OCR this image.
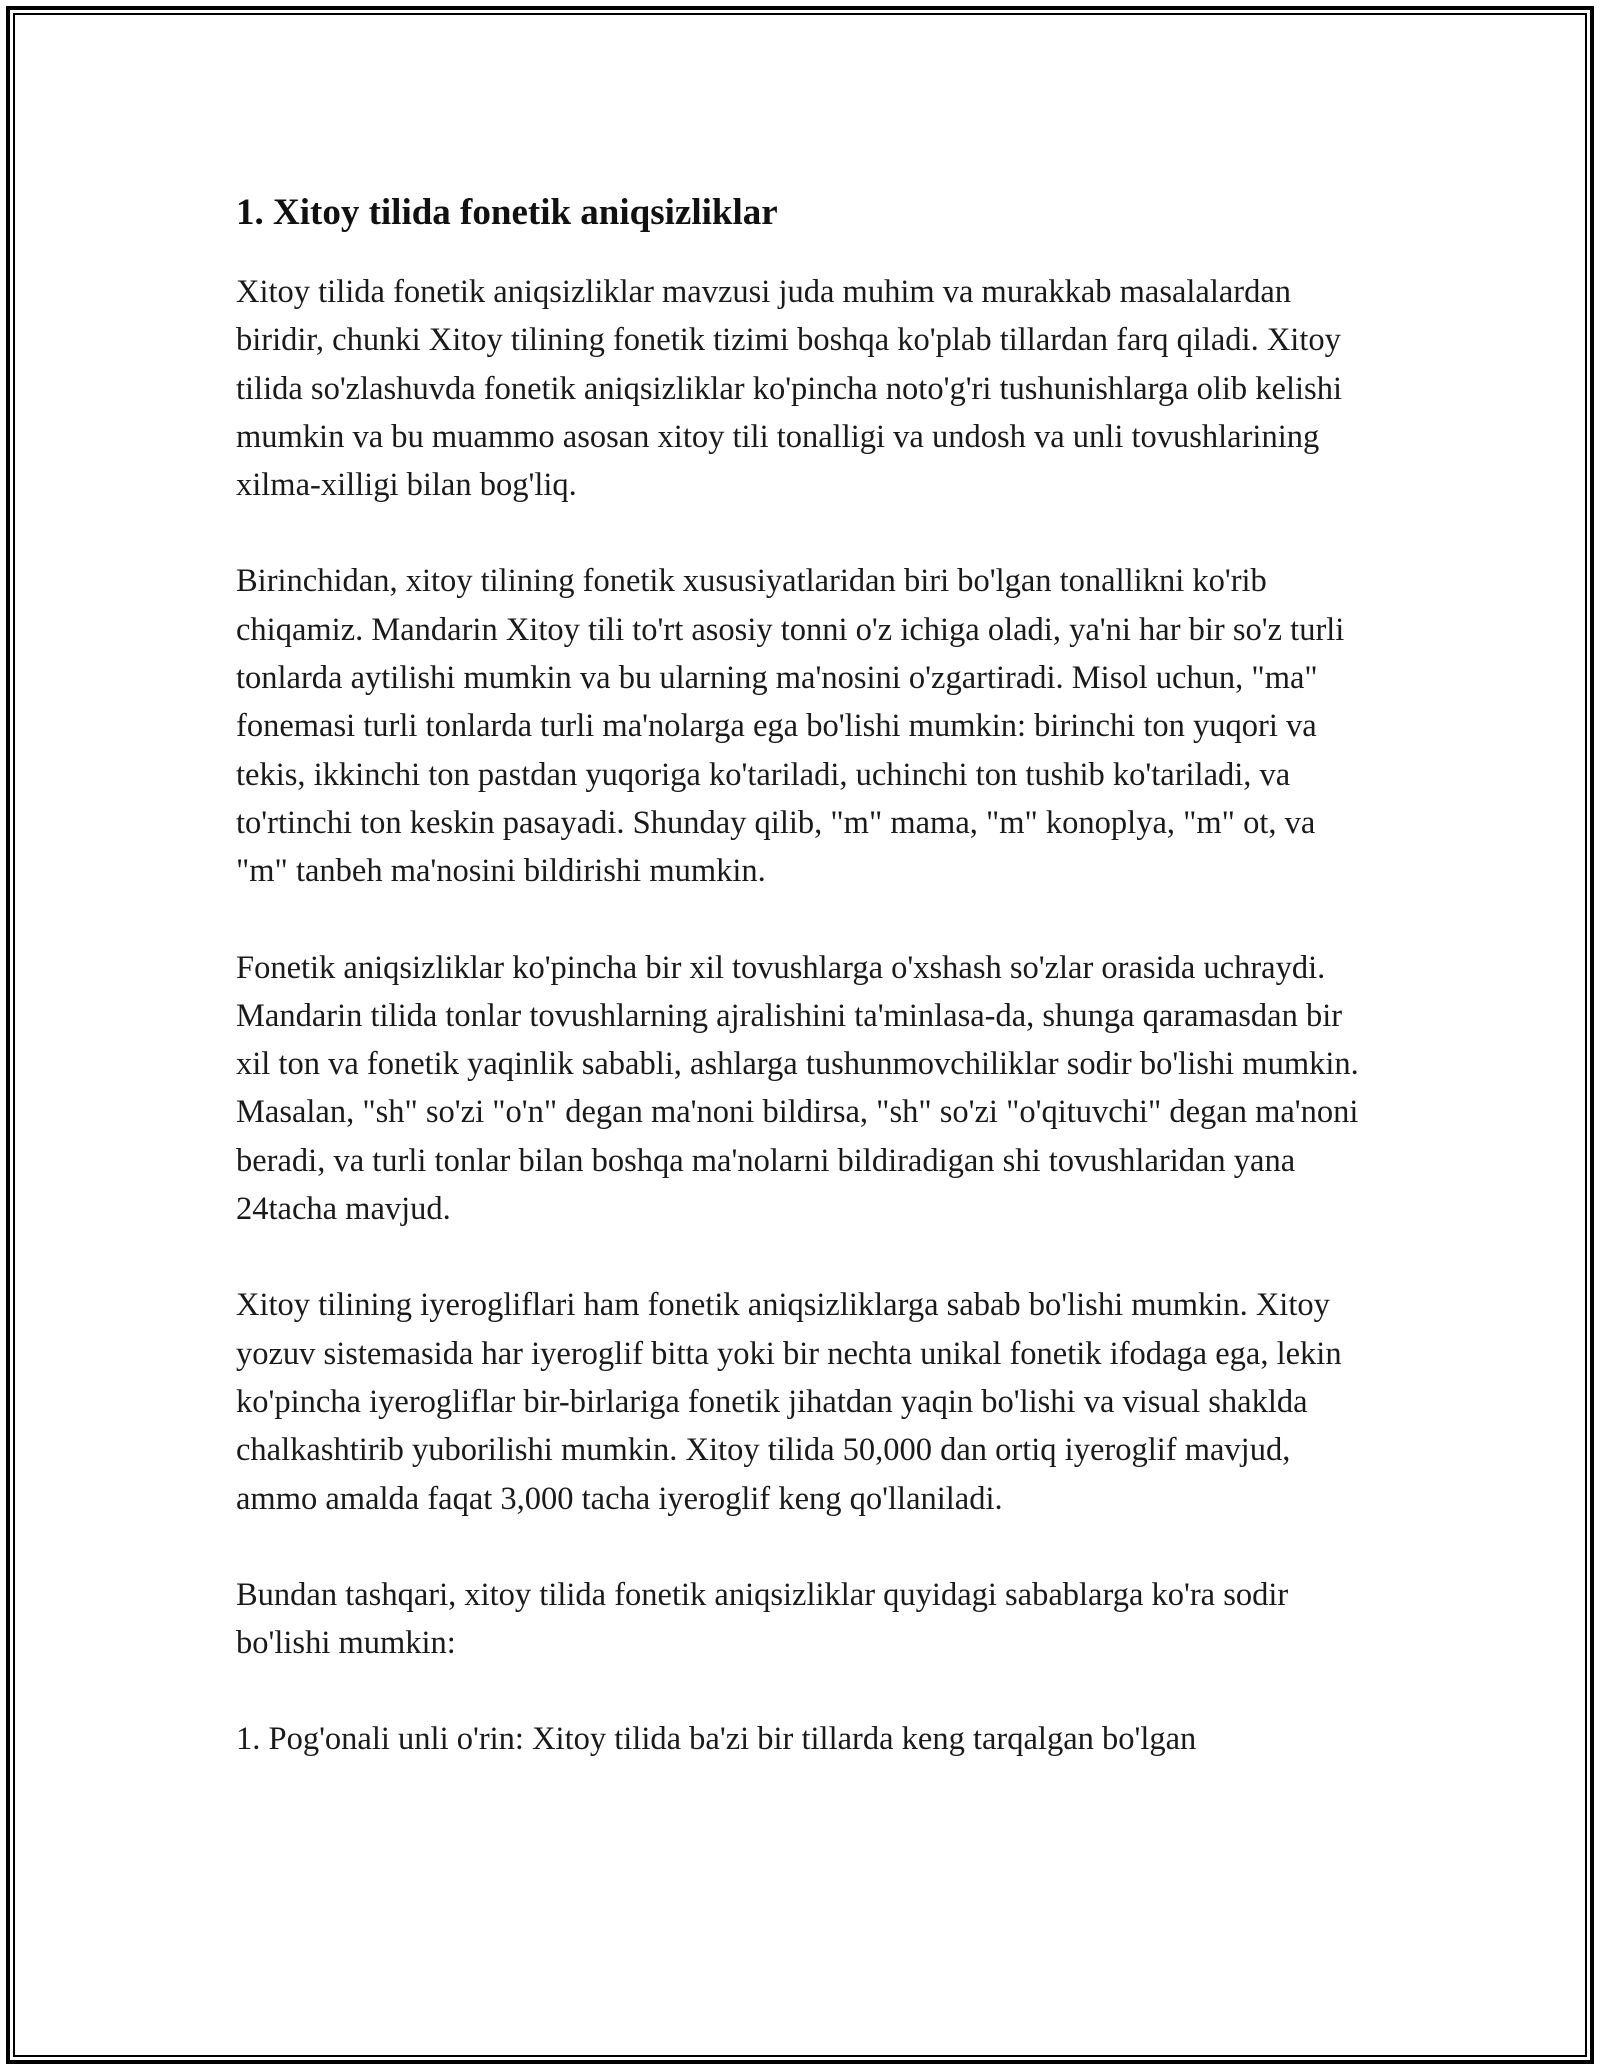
1. Xitoy tilida fonetik aniqsizliklar

Xitoy tilida fonetik aniqsizliklar mavzusi juda muhim va murakkab masalalardan biridir, chunki Xitoy tilining fonetik tizimi boshqa ko'plab tillardan farq qiladi. Xitoy tilida so'zlashuvda fonetik aniqsizliklar ko'pincha noto'g'ri tushunishlarga olib kelishi mumkin va bu muammo asosan xitoy tili tonalligi va undosh va unli tovushlarining xilma-xilligi bilan bog'liq.

Birinchidan, xitoy tilining fonetik xususiyatlaridan biri bo'lgan tonallikni ko'rib chiqamiz. Mandarin Xitoy tili to'rt asosiy tonni o'z ichiga oladi, ya'ni har bir so'z turli tonlarda aytilishi mumkin va bu ularning ma'nosini o'zgartiradi. Misol uchun, "ma" fonemasi turli tonlarda turli ma'nolarga ega bo'lishi mumkin: birinchi ton yuqori va tekis, ikkinchi ton pastdan yuqoriga ko'tariladi, uchinchi ton tushib ko'tariladi, va to'rtinchi ton keskin pasayadi. Shunday qilib, "m" mama, "m" konoplya, "m" ot, va "m" tanbeh ma'nosini bildirishi mumkin.

Fonetik aniqsizliklar ko'pincha bir xil tovushlarga o'xshash so'zlar orasida uchraydi. Mandarin tilida tonlar tovushlarning ajralishini ta'minlasa-da, shunga qaramasdan bir xil ton va fonetik yaqinlik sababli, ashlarga tushunmovchiliklar sodir bo'lishi mumkin. Masalan, "sh" so'zi "o'n" degan ma'noni bildirsa, "sh" so'zi "o'qituvchi" degan ma'noni beradi, va turli tonlar bilan boshqa ma'nolarni bildiradigan shi tovushlaridan yana 24tacha mavjud.

Xitoy tilining iyerogliflari ham fonetik aniqsizliklarga sabab bo'lishi mumkin. Xitoy yozuv sistemasida har iyeroglif bitta yoki bir nechta unikal fonetik ifodaga ega, lekin ko'pincha iyerogliflar bir-birlariga fonetik jihatdan yaqin bo'lishi va visual shaklda chalkashtirib yuborilishi mumkin. Xitoy tilida 50,000 dan ortiq iyeroglif mavjud, ammo amalda faqat 3,000 tacha iyeroglif keng qo'llaniladi.

Bundan tashqari, xitoy tilida fonetik aniqsizliklar quyidagi sabablarga ko'ra sodir bo'lishi mumkin:

1. Pog'onali unli o'rin: Xitoy tilida ba'zi bir tillarda keng tarqalgan bo'lgan
